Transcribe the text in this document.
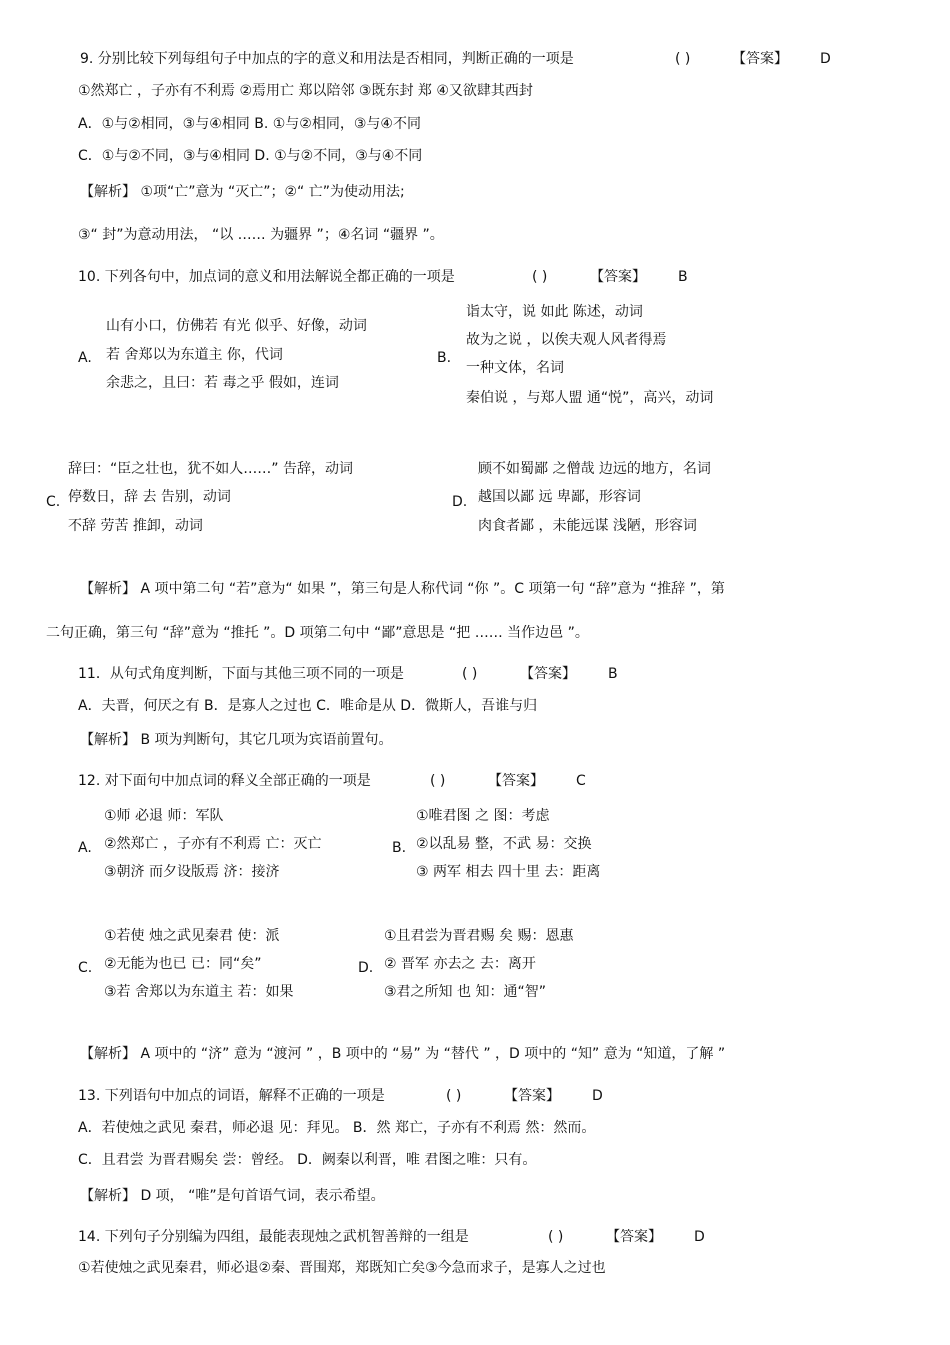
9. 分别比较下列每组句子中加点的字的意义和用法是否相同，判断正确的一项是	( )	【答案】 D
①然郑亡 ，子亦有不利焉 ②焉用亡 郑以陪邻 ③既东封 郑 ④又欲肆其西封
A．①与②相同，③与④相同 B. ①与②相同，③与④不同
C．①与②不同，③与④相同 D. ①与②不同，③与④不同
【解析】 ①项“亡”意为 “灭亡”；②“ 亡”为使动用法;
③“ 封”为意动用法， “以 …… 为疆界 ”；④名词 “疆界 ”。
10. 下列各句中，加点词的意义和用法解说全都正确的一项是	( )	【答案】 B
A.
山有小口，仿佛若 有光 似乎、好像，动词
若 舍郑以为东道主 你，代词
余悲之，且曰：若 毒之乎 假如，连词
B.
诣太守，说 如此 陈述，动词
故为之说 ，以俟夫观人风者得焉
一种文体，名词
秦伯说 ，与郑人盟 通“悦”，高兴，动词
C.
辞曰：“臣之壮也，犹不如人……” 告辞，动词
停数日，辞 去 告别，动词
不辞 劳苦 推卸，动词
D.
顾不如蜀鄙 之僧哉 边远的地方，名词
越国以鄙 远 卑鄙，形容词
肉食者鄙 ，未能远谋 浅陋，形容词
【解析】 A 项中第二句 “若”意为“ 如果 ”，第三句是人称代词 “你 ”。C 项第一句 “辞”意为 “推辞 ”，第
二句正确，第三句 “辞”意为 “推托 ”。D 项第二句中 “鄙”意思是 “把 …… 当作边邑 ”。
11．从句式角度判断，下面与其他三项不同的一项是	( )	【答案】 B
A．夫晋，何厌之有 B．是寡人之过也 C．唯命是从 D．微斯人，吾谁与归
【解析】 B 项为判断句，其它几项为宾语前置句。
12. 对下面句中加点词的释义全部正确的一项是	( )	【答案】 C
A.
①师 必退 师：军队
②然郑亡 ，子亦有不利焉 亡：灭亡
③朝济 而夕设版焉 济：接济
B.
①唯君图 之 图：考虑
②以乱易 整，不武 易：交换
③ 两军 相去 四十里 去：距离
C.
①若使 烛之武见秦君 使：派
②无能为也已 已：同“矣”
③若 舍郑以为东道主 若：如果
D.
①且君尝为晋君赐 矣 赐：恩惠
② 晋军 亦去之 去：离开
③君之所知 也 知：通“智”
【解析】 A 项中的 “济” 意为 “渡河 ” ，B 项中的 “易” 为 “替代 ” ，D 项中的 “知” 意为 “知道，了解 ”
13. 下列语句中加点的词语，解释不正确的一项是	( )	【答案】 D
A．若使烛之武见 秦君，师必退 见：拜见。 B．然 郑亡，子亦有不利焉 然：然而。
C．且君尝 为晋君赐矣 尝：曾经。 D．阙秦以利晋，唯 君图之唯：只有。
【解析】 D 项， “唯”是句首语气词，表示希望。
14. 下列句子分别编为四组，最能表现烛之武机智善辩的一组是	( )	【答案】 D
①若使烛之武见秦君，师必退②秦、晋围郑，郑既知亡矣③今急而求子，是寡人之过也
